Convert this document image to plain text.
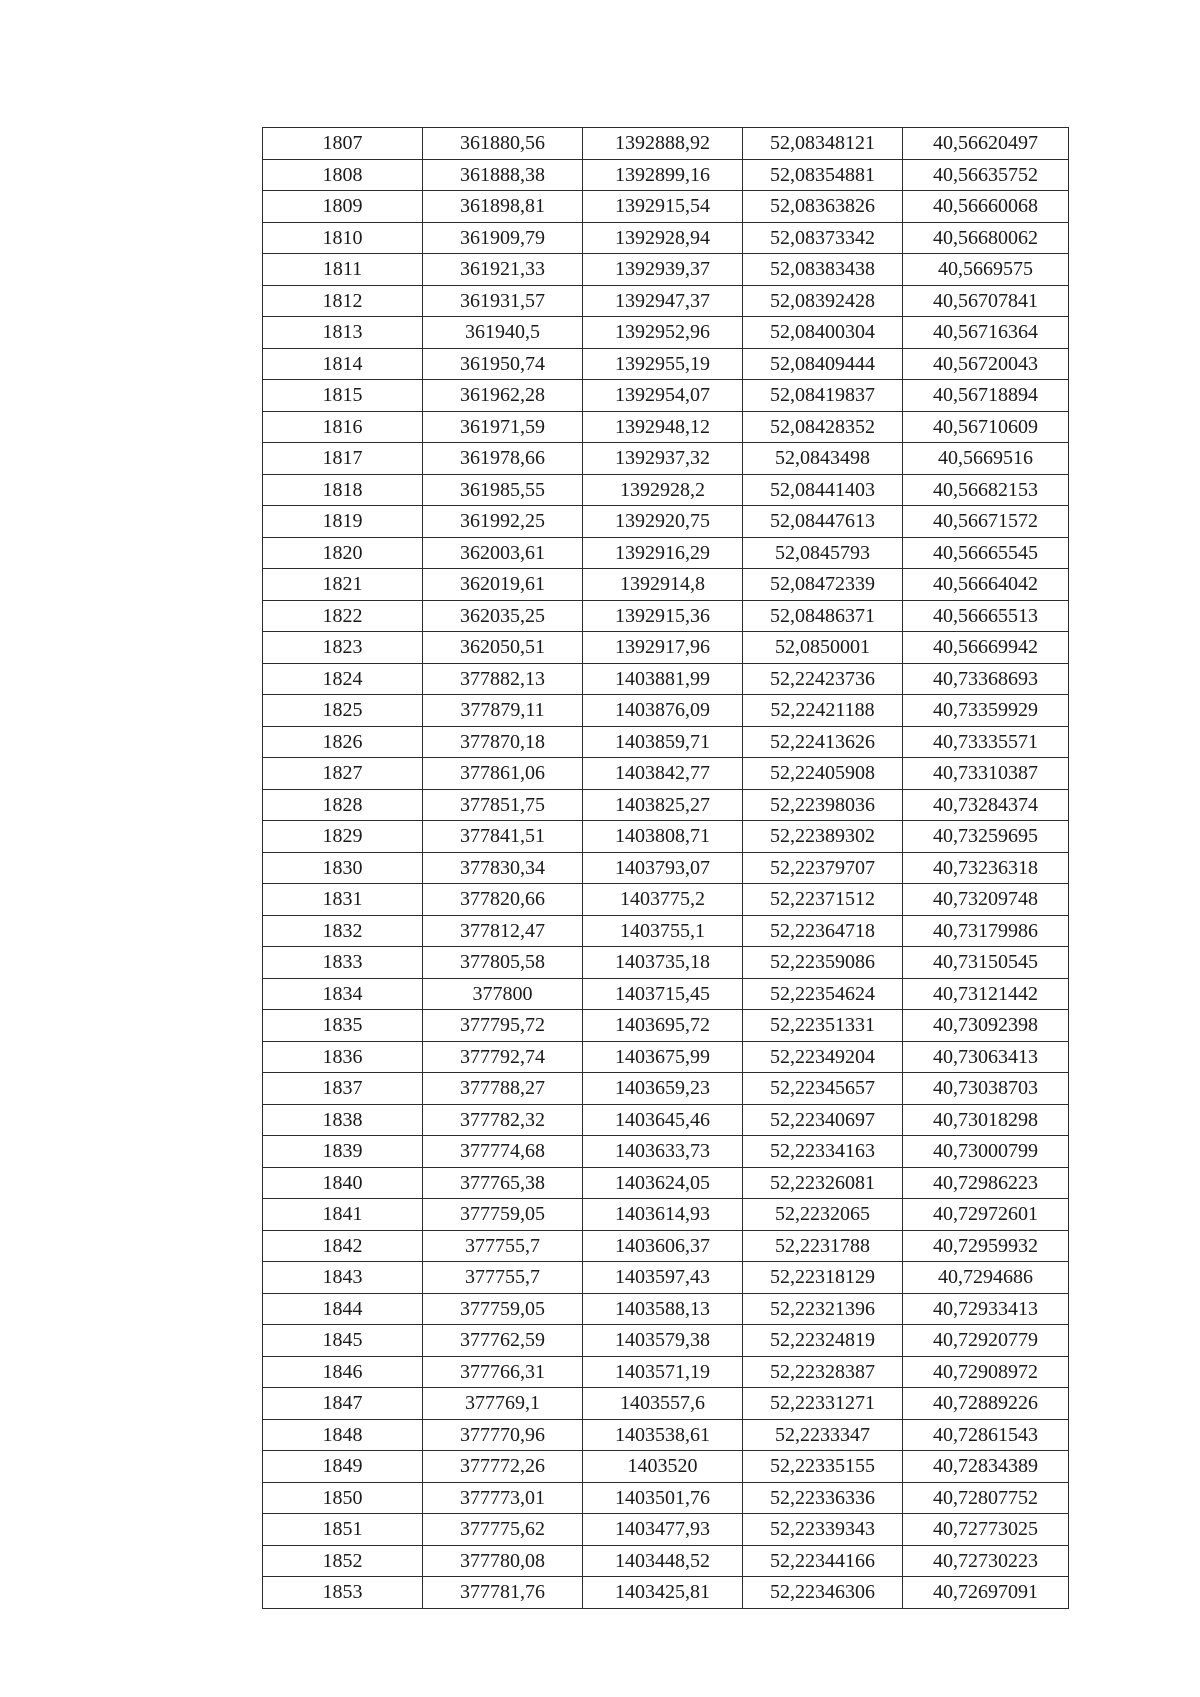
1807	361880,56	1392888,92	52,08348121	40,56620497
1808	361888,38	1392899,16	52,08354881	40,56635752
1809	361898,81	1392915,54	52,08363826	40,56660068
1810	361909,79	1392928,94	52,08373342	40,56680062
1811	361921,33	1392939,37	52,08383438	40,5669575
1812	361931,57	1392947,37	52,08392428	40,56707841
1813	361940,5	1392952,96	52,08400304	40,56716364
1814	361950,74	1392955,19	52,08409444	40,56720043
1815	361962,28	1392954,07	52,08419837	40,56718894
1816	361971,59	1392948,12	52,08428352	40,56710609
1817	361978,66	1392937,32	52,0843498	40,5669516
1818	361985,55	1392928,2	52,08441403	40,56682153
1819	361992,25	1392920,75	52,08447613	40,56671572
1820	362003,61	1392916,29	52,0845793	40,56665545
1821	362019,61	1392914,8	52,08472339	40,56664042
1822	362035,25	1392915,36	52,08486371	40,56665513
1823	362050,51	1392917,96	52,0850001	40,56669942
1824	377882,13	1403881,99	52,22423736	40,73368693
1825	377879,11	1403876,09	52,22421188	40,73359929
1826	377870,18	1403859,71	52,22413626	40,73335571
1827	377861,06	1403842,77	52,22405908	40,73310387
1828	377851,75	1403825,27	52,22398036	40,73284374
1829	377841,51	1403808,71	52,22389302	40,73259695
1830	377830,34	1403793,07	52,22379707	40,73236318
1831	377820,66	1403775,2	52,22371512	40,73209748
1832	377812,47	1403755,1	52,22364718	40,73179986
1833	377805,58	1403735,18	52,22359086	40,73150545
1834	377800	1403715,45	52,22354624	40,73121442
1835	377795,72	1403695,72	52,22351331	40,73092398
1836	377792,74	1403675,99	52,22349204	40,73063413
1837	377788,27	1403659,23	52,22345657	40,73038703
1838	377782,32	1403645,46	52,22340697	40,73018298
1839	377774,68	1403633,73	52,22334163	40,73000799
1840	377765,38	1403624,05	52,22326081	40,72986223
1841	377759,05	1403614,93	52,2232065	40,72972601
1842	377755,7	1403606,37	52,2231788	40,72959932
1843	377755,7	1403597,43	52,22318129	40,7294686
1844	377759,05	1403588,13	52,22321396	40,72933413
1845	377762,59	1403579,38	52,22324819	40,72920779
1846	377766,31	1403571,19	52,22328387	40,72908972
1847	377769,1	1403557,6	52,22331271	40,72889226
1848	377770,96	1403538,61	52,2233347	40,72861543
1849	377772,26	1403520	52,22335155	40,72834389
1850	377773,01	1403501,76	52,22336336	40,72807752
1851	377775,62	1403477,93	52,22339343	40,72773025
1852	377780,08	1403448,52	52,22344166	40,72730223
1853	377781,76	1403425,81	52,22346306	40,72697091
